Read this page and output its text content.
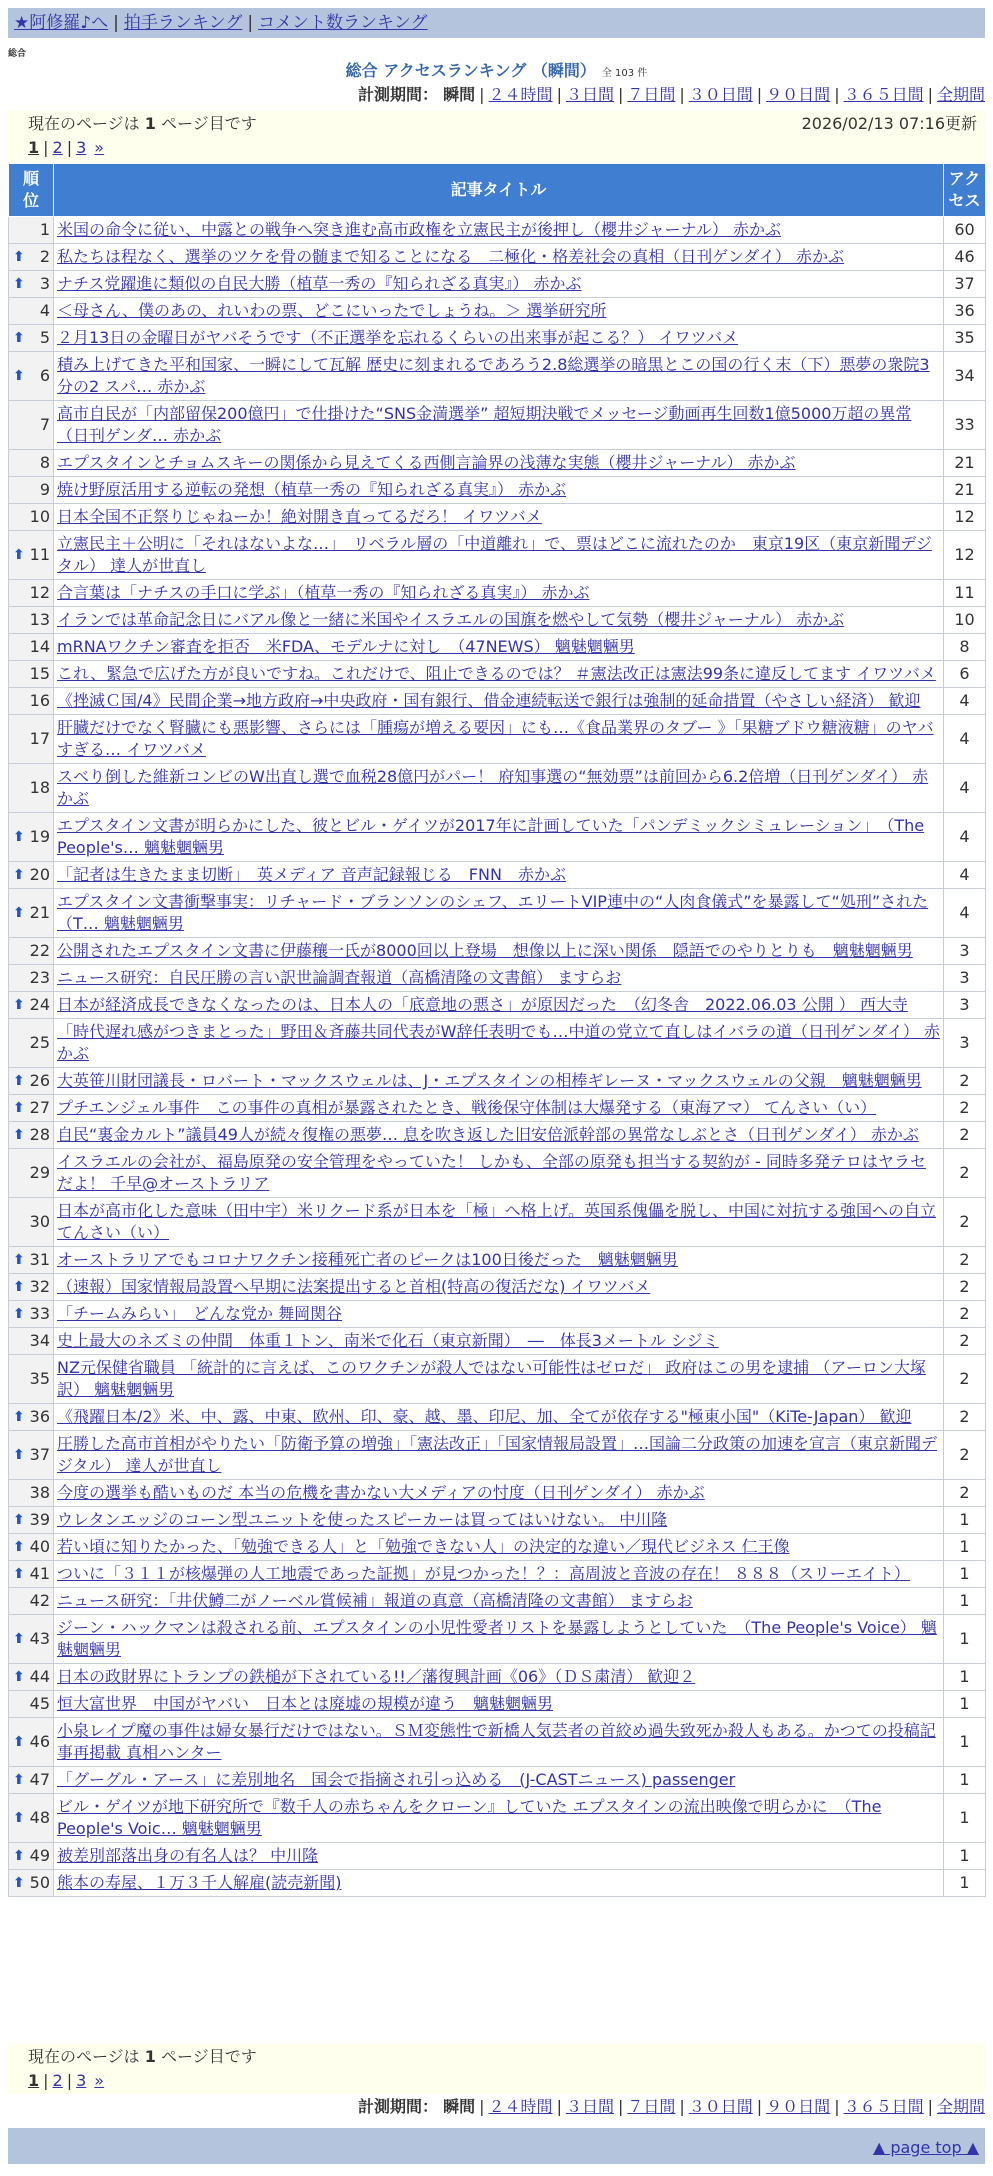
★阿修羅♪へ | 拍手ランキング | コメント数ランキング
総合
総合 アクセスランキング （瞬間） 全 103 件
計測期間： 瞬間 | ２４時間 | ３日間 | ７日間 | ３０日間 | ９０日間 | ３６５日間 | 全期間
現在のページは 1 ページ目です	2026/02/13 07:16更新
1 | 2 | 3 »
順位	記事タイトル	アクセス
1	米国の命令に従い、中露との戦争へ突き進む高市政権を立憲民主が後押し（櫻井ジャーナル） 赤かぶ	60

⬆ 2	私たちは程なく、選挙のツケを骨の髄まで知ることになる　二極化・格差社会の真相（日刊ゲンダイ） 赤かぶ	46

⬆ 3	ナチス党躍進に類似の自民大勝（植草一秀の『知られざる真実』） 赤かぶ	37
4	＜母さん、僕のあの、れいわの票、どこにいったでしょうね。＞ 選挙研究所	36

⬆ 5	２月13日の金曜日がヤバそうです（不正選挙を忘れるくらいの出来事が起こる？） イワツバメ	35

⬆ 6	積み上げてきた平和国家、一瞬にして瓦解 歴史に刻まれるであろう2.8総選挙の暗黒とこの国の行く末（下）悪夢の衆院3分の2 スパ… 赤かぶ	34
7	高市自民が「内部留保200億円」で仕掛けた“SNS金満選挙” 超短期決戦でメッセージ動画再生回数1億5000万超の異常（日刊ゲンダ… 赤かぶ	33
8	エプスタインとチョムスキーの関係から見えてくる西側言論界の浅薄な実態（櫻井ジャーナル） 赤かぶ	21
9	焼け野原活用する逆転の発想（植草一秀の『知られざる真実』） 赤かぶ	21
10	日本全国不正祭りじゃねーか！絶対開き直ってるだろ！ イワツバメ	12

⬆ 11	立憲民主＋公明に「それはないよな…」　リベラル層の「中道離れ」で、票はどこに流れたのか　東京19区（東京新聞デジタル） 達人が世直し	12
12	合言葉は「ナチスの手口に学ぶ」（植草一秀の『知られざる真実』） 赤かぶ	11
13	イランでは革命記念日にバアル像と一緒に米国やイスラエルの国旗を燃やして気勢（櫻井ジャーナル） 赤かぶ	10
14	mRNAワクチン審査を拒否　米FDA、モデルナに対し　（47NEWS） 魑魅魍魎男	8
15	これ、緊急で広げた方が良いですね。これだけで、阻止できるのでは？ ＃憲法改正は憲法99条に違反してます イワツバメ	6
16	《挫滅Ｃ国/4》民間企業→地方政府→中央政府・国有銀行、借金連続転送で銀行は強制的延命措置（やさしい経済） 歓迎	4
17	肝臓だけでなく腎臓にも悪影響、さらには「腫瘍が増える要因」にも…《食品業界のタブー 》「果糖ブドウ糖液糖」のヤバすぎる… イワツバメ	4
18	スベり倒した維新コンビのW出直し選で血税28億円がパー！ 府知事選の“無効票”は前回から6.2倍増（日刊ゲンダイ） 赤かぶ	4

⬆ 19	エプスタイン文書が明らかにした、彼とビル・ゲイツが2017年に計画していた「パンデミックシミュレーション」　（The People's… 魑魅魍魎男	4

⬆ 20	「記者は生きたまま切断」　英メディア 音声記録報じる　FNN　赤かぶ	4

⬆ 21	エプスタイン文書衝撃事実：リチャード・ブランソンのシェフ、エリートVIP連中の“人肉食儀式”を暴露して“処刑”された（T… 魑魅魍魎男	4
22	公開されたエプスタイン文書に伊藤穰一氏が8000回以上登場　想像以上に深い関係　隠語でのやりとりも　魑魅魍魎男	3
23	ニュース研究：自民圧勝の言い訳世論調査報道（高橋清隆の文書館） ますらお	3

⬆ 24	日本が経済成長できなくなったのは、日本人の「底意地の悪さ」が原因だった　（幻冬舎　2022.06.03 公開 ） 西大寺	3
25	「時代遅れ感がつきまとった」野田＆斉藤共同代表がW辞任表明でも…中道の党立て直しはイバラの道（日刊ゲンダイ） 赤かぶ	3

⬆ 26	大英笹川財団議長・ロバート・マックスウェルは、J・エプスタインの相棒ギレーヌ・マックスウェルの父親　魑魅魍魎男	2

⬆ 27	プチエンジェル事件　この事件の真相が暴露されたとき、戦後保守体制は大爆発する（東海アマ） てんさい（い）	2

⬆ 28	自民“裏金カルト”議員49人が続々復権の悪夢… 息を吹き返した旧安倍派幹部の異常なしぶとさ（日刊ゲンダイ） 赤かぶ	2
29	イスラエルの会社が、福島原発の安全管理をやっていた！ しかも、全部の原発も担当する契約が - 同時多発テロはヤラセだよ！ 千早@オーストラリア	2
30	日本が高市化した意味（田中宇）米リクード系が日本を「極」へ格上げ。英国系傀儡を脱し、中国に対抗する強国への自立 てんさい（い）	2

⬆ 31	オーストラリアでもコロナワクチン接種死亡者のピークは100日後だった　魑魅魍魎男	2

⬆ 32	（速報）国家情報局設置へ早期に法案提出すると首相(特高の復活だな) イワツバメ	2

⬆ 33	「チームみらい」　どんな党か 舞岡関谷	2
34	史上最大のネズミの仲間　体重１トン、南米で化石（東京新聞）　―　体長3メートル シジミ	2
35	NZ元保健省職員 「統計的に言えば、このワクチンが殺人ではない可能性はゼロだ」 政府はこの男を逮捕 （アーロン大塚訳） 魑魅魍魎男	2

⬆ 36	《飛躍日本/2》米、中、露、中東、欧州、印、豪、越、墨、印尼、加、全てが依存する"極東小国"（KiTe-Japan） 歓迎	2

⬆ 37	圧勝した高市首相がやりたい「防衛予算の増強」「憲法改正」「国家情報局設置」…国論二分政策の加速を宣言（東京新聞デジタル） 達人が世直し	2
38	今度の選挙も酷いものだ 本当の危機を書かない大メディアの忖度（日刊ゲンダイ） 赤かぶ	2

⬆ 39	ウレタンエッジのコーン型ユニットを使ったスピーカーは買ってはいけない。 中川隆	1

⬆ 40	若い頃に知りたかった、「勉強できる人」と「勉強できない人」の決定的な違い／現代ビジネス 仁王像	1

⬆ 41	ついに「３１１が核爆弾の人工地震であった証拠」が見つかった！？：高周波と音波の存在！ ８８８（スリーエイト）	1
42	ニュース研究：「井伏鱒二がノーベル賞候補」報道の真意（高橋清隆の文書館） ますらお	1

⬆ 43	ジーン・ハックマンは殺される前、エプスタインの小児性愛者リストを暴露しようとしていた　（The People's Voice） 魑魅魍魎男	1

⬆ 44	日本の政財界にトランプの鉄槌が下されている!!／藩復興計画《06》（ＤＳ粛清） 歓迎２	1
45	恒大富世界　中国がヤバい　日本とは廃墟の規模が違う　魑魅魍魎男	1

⬆ 46	小泉レイプ魔の事件は婦女暴行だけではない。ＳＭ変態性で新橋人気芸者の首絞め過失致死か殺人もある。かつての投稿記事再掲載 真相ハンター	1

⬆ 47	「グーグル・アース」に差別地名　国会で指摘され引っ込める　(J-CASTニュース) passenger	1

⬆ 48	ビル・ゲイツが地下研究所で『数千人の赤ちゃんをクローン』していた エプスタインの流出映像で明らかに　（The People's Voic… 魑魅魍魎男	1

⬆ 49	被差別部落出身の有名人は？ 中川隆	1

⬆ 50	熊本の寿屋、１万３千人解雇(読売新聞)	1
現在のページは 1 ページ目です
1 | 2 | 3 »
計測期間： 瞬間 | ２４時間 | ３日間 | ７日間 | ３０日間 | ９０日間 | ３６５日間 | 全期間
▲ page top ▲
